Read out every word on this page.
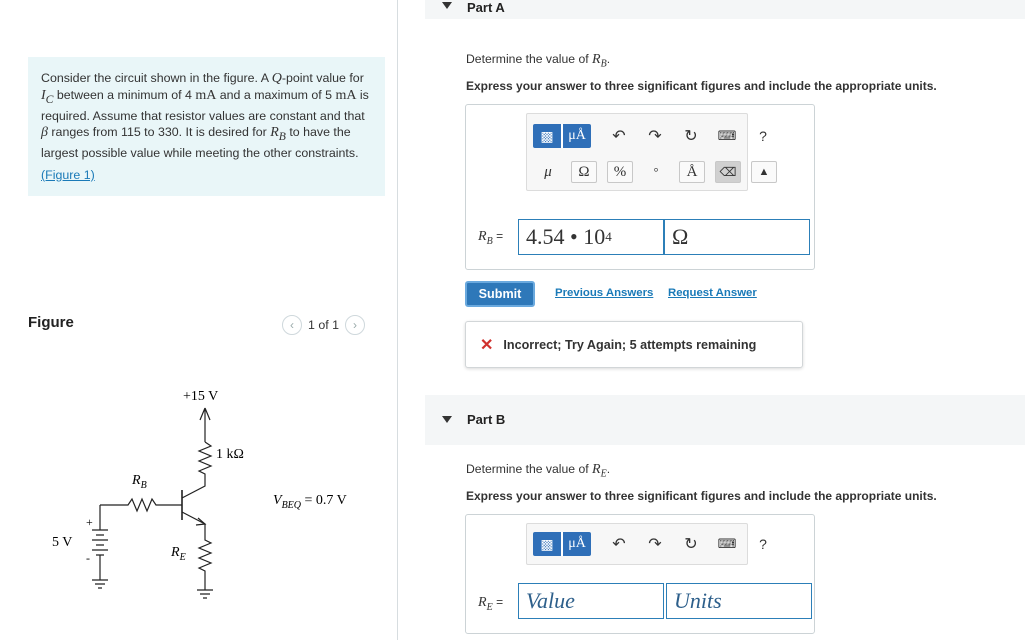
Consider the circuit shown in the figure. A Q-point value for $I_C$ between a minimum of 4 mA and a maximum of 5 mA is required. Assume that resistor values are constant and that β ranges from 115 to 330. It is desired for $R_B$ to have the largest possible value while meeting the other constraints.

(Figure 1)
Figure	‹	1 of 1	›
+15 V
1 kΩ
$R_B$
$R_E$
+
-
5 V
$V_{BEQ} = 0.7$ V
Part A
Determine the value of $R_B$.
Express your answer to three significant figures and include the appropriate units.
▩	μÅ	↶	↷	↻	⌨	?
μ	Ω	%	°	Å	⌫	▲
$R_B = 4.54$ • 10 4	Ω
Submit	Previous Answers Request Answer
✕ Incorrect; Try Again; 5 attempts remaining
Part B
Determine the value of $R_E$.
Express your answer to three significant figures and include the appropriate units.
▩	μÅ	↶	↷	↻	⌨	?
$R_E$ =	Value	Units
